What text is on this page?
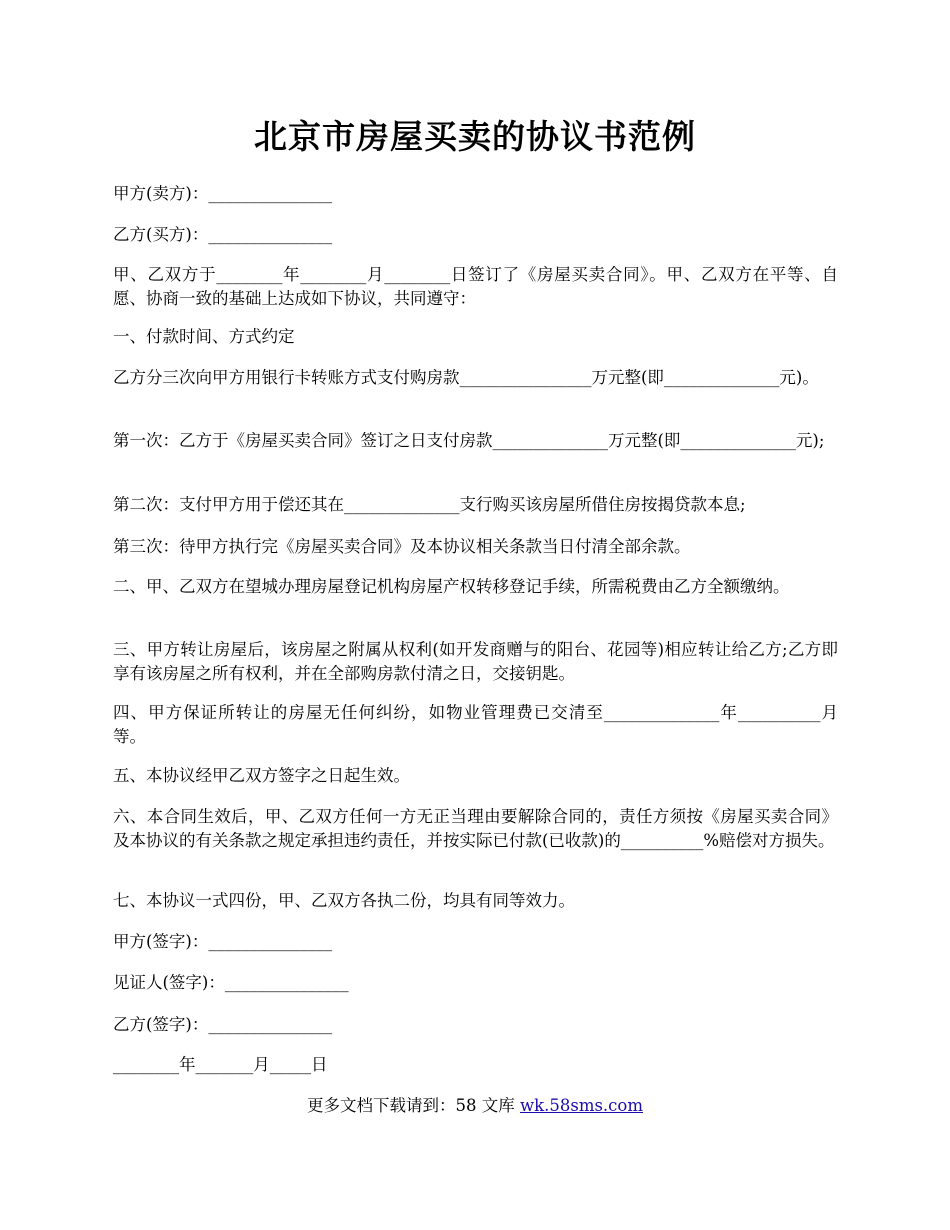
北京市房屋买卖的协议书范例
甲方(卖方)：_______________
乙方(买方)：_______________
甲、乙双方于________年________月________日签订了《房屋买卖合同》。甲、乙双方在平等、自愿、协商一致的基础上达成如下协议，共同遵守：
一、付款时间、方式约定
乙方分三次向甲方用银行卡转账方式支付购房款________________万元整(即______________元)。
第一次：乙方于《房屋买卖合同》签订之日支付房款______________万元整(即______________元);
第二次：支付甲方用于偿还其在______________支行购买该房屋所借住房按揭贷款本息;
第三次：待甲方执行完《房屋买卖合同》及本协议相关条款当日付清全部余款。
二、甲、乙双方在望城办理房屋登记机构房屋产权转移登记手续，所需税费由乙方全额缴纳。
三、甲方转让房屋后，该房屋之附属从权利(如开发商赠与的阳台、花园等)相应转让给乙方;乙方即享有该房屋之所有权利，并在全部购房款付清之日，交接钥匙。
四、甲方保证所转让的房屋无任何纠纷，如物业管理费已交清至______________年__________月等。
五、本协议经甲乙双方签字之日起生效。
六、本合同生效后，甲、乙双方任何一方无正当理由要解除合同的，责任方须按《房屋买卖合同》及本协议的有关条款之规定承担违约责任，并按实际已付款(已收款)的__________%赔偿对方损失。
七、本协议一式四份，甲、乙双方各执二份，均具有同等效力。
甲方(签字)：_______________
见证人(签字)：_______________
乙方(签字)：_______________
________年_______月_____日
更多文档下载请到：58 文库 wk.58sms.com
